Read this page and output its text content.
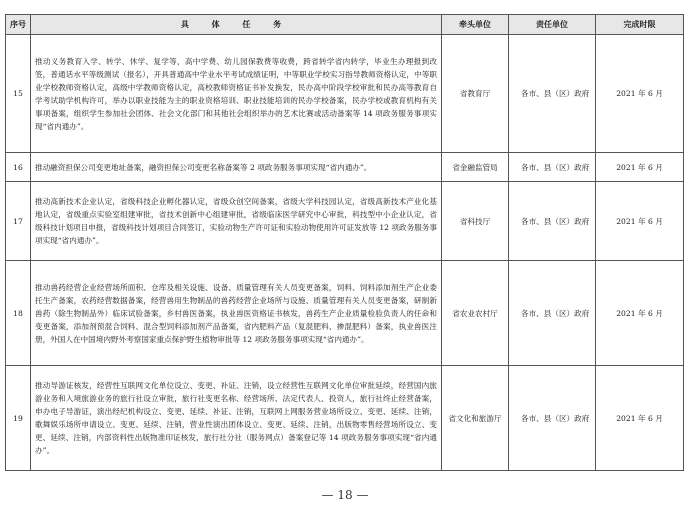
序号	具 体 任 务	牵头单位	责任单位	完成时限
15	推动义务教育入学、转学、休学、复学等，高中学费、幼儿园保教费等收费，跨省转学省内转学，毕业生办理报到改签，普通话水平等级测试（报名），开具普通高中学业水平考试成绩证明，中等职业学校实习指导教师资格认定，中等职业学校教师资格认定，高级中学教师资格认定，高校教师资格证书补发换发，民办高中阶段学校审批和民办高等教育自学考试助学机构许可，举办以职业技能为主的职业资格培训、职业技能培训的民办学校备案，民办学校或教育机构有关事项备案，组织学生参加社会团体、社会文化部门和其他社会组织举办的艺术比赛或活动备案等 14 项政务服务事项实现“省内通办”。	省教育厅	各市、县（区）政府	2021 年 6 月
16	推动融资担保公司变更地址备案，融资担保公司变更名称备案等 2 项政务服务事项实现“省内通办”。	省金融监管局	各市、县（区）政府	2021 年 6 月
17	推动高新技术企业认定，省级科技企业孵化器认定，省级众创空间备案，省级大学科技园认定，省级高新技术产业化基地认定，省级重点实验室组建审批，省技术创新中心组建审批，省级临床医学研究中心审批，科技型中小企业认定，省级科技计划项目申报，省级科技计划项目合同签订，实验动物生产许可证和实验动物使用许可证发放等 12 项政务服务事项实现“省内通办”。	省科技厅	各市、县（区）政府	2021 年 6 月
18	推动兽药经营企业经营场所面积、仓库及相关设施、设备、质量管理有关人员变更备案，饲料、饲料添加剂生产企业委托生产备案，农药经营数据备案，经营兽用生物制品的兽药经营企业场所与设施、质量管理有关人员变更备案，研制新兽药（除生物制品外）临床试验备案，乡村兽医备案，执业兽医资格证书核发，兽药生产企业质量检验负责人的任命和变更备案，添加剂预混合饲料、混合型饲料添加剂产品备案，省内肥料产品（复混肥料、掺混肥料）备案，执业兽医注册，外国人在中国境内野外考察国家重点保护野生植物审批等 12 项政务服务事项实现“省内通办”。	省农业农村厅	各市、县（区）政府	2021 年 6 月
19	推动导游证核发，经营性互联网文化单位设立、变更、补证、注销，设立经营性互联网文化单位审批延续，经营国内旅游业务和入境旅游业务的旅行社设立审批，旅行社变更名称、经营场所、法定代表人、投资人，旅行社终止经营备案，申办电子导游证，演出经纪机构设立、变更、延续、补证、注销，互联网上网服务营业场所设立、变更、延续、注销，歌舞娱乐场所申请设立、变更、延续、注销，营业性演出团体设立、变更、延续、注销，出版物零售经营场所设立、变更、延续、注销，内部资料性出版物准印证核发，旅行社分社（服务网点）备案登记等 14 项政务服务事项实现“省内通办”。	省文化和旅游厅	各市、县（区）政府	2021 年 6 月
— 18 —
